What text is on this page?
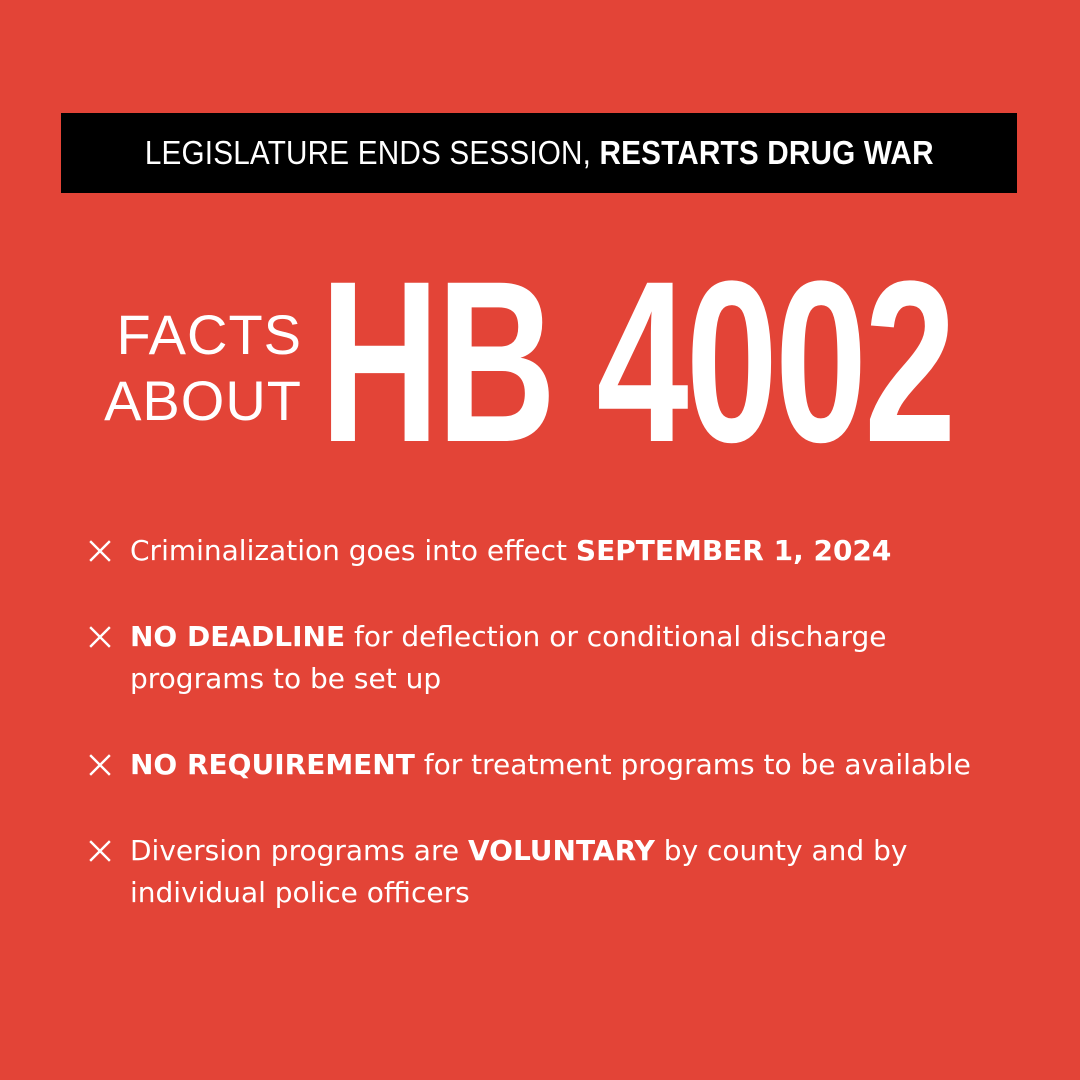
LEGISLATURE ENDS SESSION, RESTARTS DRUG WAR
FACTS
ABOUT HB 4002
Criminalization goes into effect SEPTEMBER 1, 2024
NO DEADLINE for deflection or conditional discharge programs to be set up
NO REQUIREMENT for treatment programs to be available
Diversion programs are VOLUNTARY by county and by individual police officers
